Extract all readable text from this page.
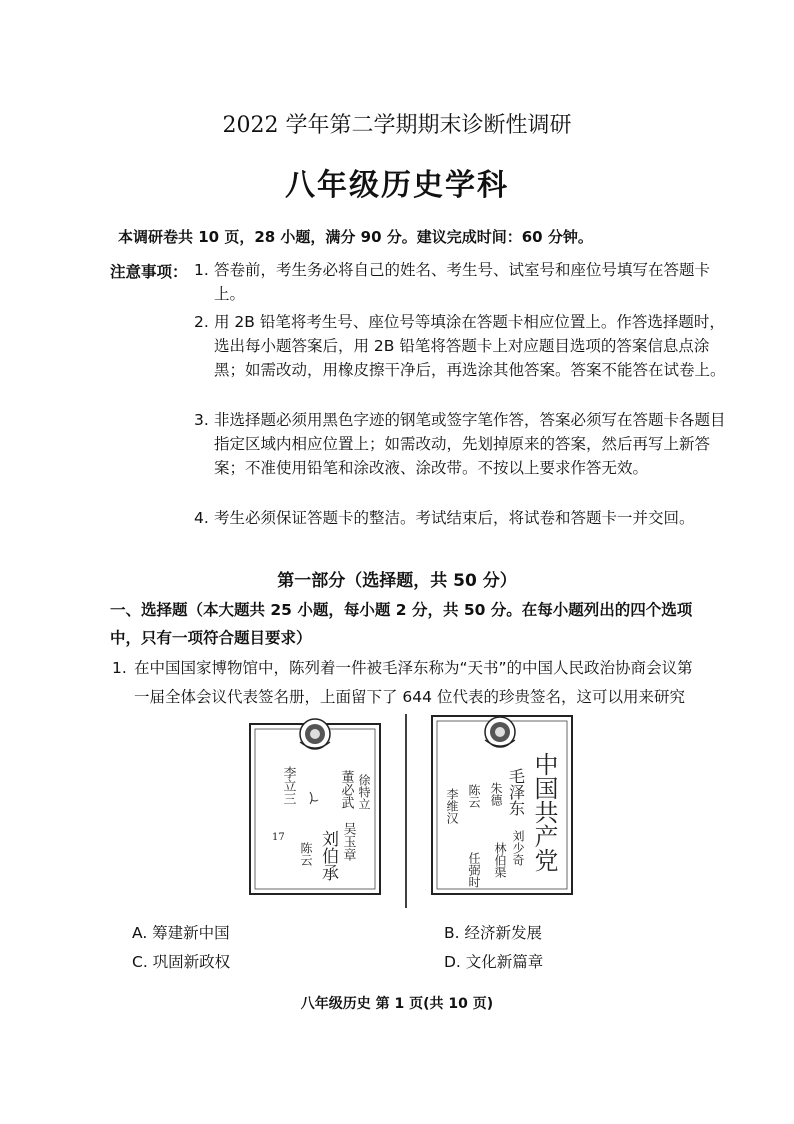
2022 学年第二学期期末诊断性调研
八年级历史学科
本调研卷共 10 页，28 小题，满分 90 分。建议完成时间：60 分钟。
注意事项： 1. 答卷前，考生务必将自己的姓名、考生号、试室号和座位号填写在答题卡上。
2. 用 2B 铅笔将考生号、座位号等填涂在答题卡相应位置上。作答选择题时，选出每小题答案后，用 2B 铅笔将答题卡上对应题目选项的答案信息点涂黑；如需改动，用橡皮擦干净后，再选涂其他答案。答案不能答在试卷上。
3. 非选择题必须用黑色字迹的钢笔或签字笔作答，答案必须写在答题卡各题目指定区域内相应位置上；如需改动，先划掉原来的答案，然后再写上新答案；不准使用铅笔和涂改液、涂改带。不按以上要求作答无效。
4. 考生必须保证答题卡的整洁。考试结束后，将试卷和答题卡一并交回。
第一部分（选择题，共 50 分）
一、选择题（本大题共 25 小题，每小题 2 分，共 50 分。在每小题列出的四个选项中，只有一项符合题目要求）
1. 在中国国家博物馆中，陈列着一件被毛泽东称为“天书”的中国人民政治协商会议第一届全体会议代表签名册，上面留下了 644 位代表的珍贵签名，这可以用来研究
徐特立
董必武
吴玉章
刘伯承
陈云
李立三
17	中国共产党
毛泽东
朱德
刘少奇
林伯渠
陈云
李维汉
任弼时
A. 筹建新中国	B. 经济新发展
C. 巩固新政权	D. 文化新篇章
八年级历史 第 1 页(共 10 页)
